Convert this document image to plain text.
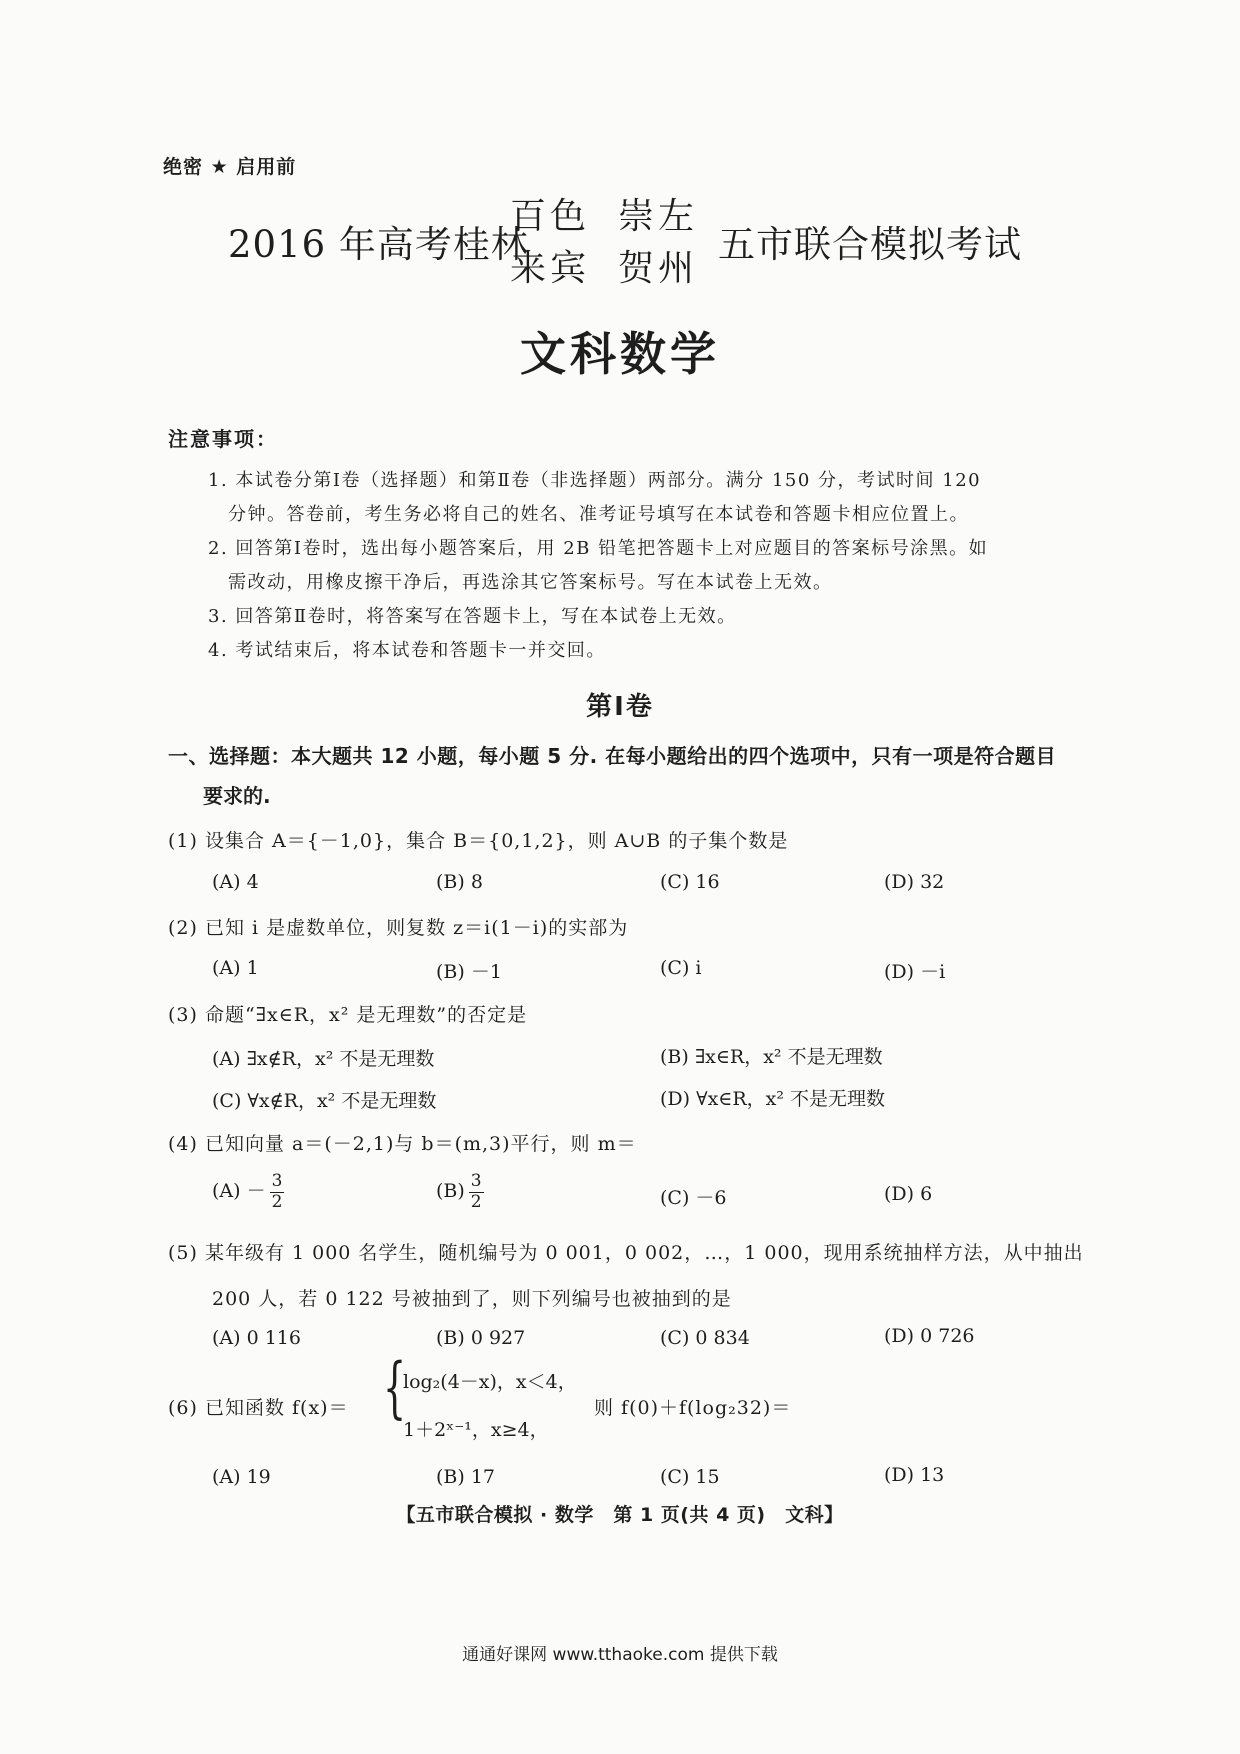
绝密 ★ 启用前
2016 年高考桂林
百色 崇左
来宾 贺州
五市联合模拟考试
文科数学
注意事项：
1. 本试卷分第Ⅰ卷（选择题）和第Ⅱ卷（非选择题）两部分。满分 150 分，考试时间 120
分钟。答卷前，考生务必将自己的姓名、准考证号填写在本试卷和答题卡相应位置上。
2. 回答第Ⅰ卷时，选出每小题答案后，用 2B 铅笔把答题卡上对应题目的答案标号涂黑。如
需改动，用橡皮擦干净后，再选涂其它答案标号。写在本试卷上无效。
3. 回答第Ⅱ卷时，将答案写在答题卡上，写在本试卷上无效。
4. 考试结束后，将本试卷和答题卡一并交回。
第Ⅰ卷
一、选择题：本大题共 12 小题，每小题 5 分. 在每小题给出的四个选项中，只有一项是符合题目
要求的.
(1) 设集合 A＝{－1,0}，集合 B＝{0,1,2}，则 A∪B 的子集个数是
(A) 4	(B) 8	(C) 16	(D) 32
(2) 已知 i 是虚数单位，则复数 z＝i(1－i)的实部为
(A) 1	(B) －1	(C) i	(D) －i
(3) 命题“∃x∈R，x² 是无理数”的否定是
(A) ∃x∉R，x² 不是无理数	(B) ∃x∈R，x² 不是无理数
(C) ∀x∉R，x² 不是无理数	(D) ∀x∈R，x² 不是无理数
(4) 已知向量 a＝(－2,1)与 b＝(m,3)平行，则 m＝
$(A) - \frac{3}{2}$	$(B) \frac{3}{2}$	(C) －6	(D) 6
(5) 某年级有 1 000 名学生，随机编号为 0 001，0 002，…，1 000，现用系统抽样方法，从中抽出
200 人，若 0 122 号被抽到了，则下列编号也被抽到的是
(A) 0 116	(B) 0 927	(C) 0 834	(D) 0 726
(6) 已知函数 f(x)＝ {
log₂(4－x)，x＜4，
1＋2ˣ⁻¹，x≥4，
则 f(0)＋f(log₂32)＝
(A) 19	(B) 17	(C) 15	(D) 13
【五市联合模拟 · 数学　第 1 页(共 4 页)　文科】
通通好课网 www.tthaoke.com 提供下载
